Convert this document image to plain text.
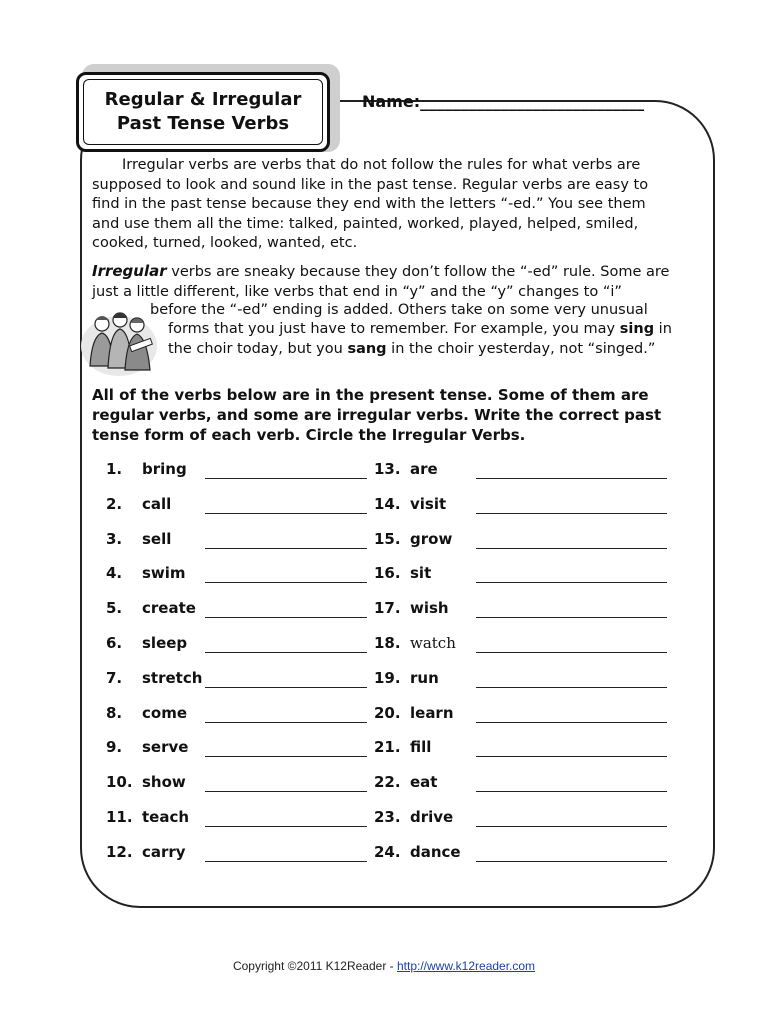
Regular & Irregular
Past Tense Verbs
Name:____________________________
Irregular verbs are verbs that do not follow the rules for what verbs are supposed to look and sound like in the past tense. Regular verbs are easy to find in the past tense because they end with the letters “-ed.” You see them and use them all the time: talked, painted, worked, played, helped, smiled, cooked, turned, looked, wanted, etc.
Irregular verbs are sneaky because they don’t follow the “-ed” rule. Some are just a little different, like verbs that end in “y” and the “y” changes to “i”
before the “-ed” ending is added. Others take on some very unusual
forms that you just have to remember. For example, you may sing in the choir today, but you sang in the choir yesterday, not “singed.”
All of the verbs below are in the present tense. Some of them are regular verbs, and some are irregular verbs. Write the correct past tense form of each verb. Circle the Irregular Verbs.
1.	bring
2.	call
3.	sell
4.	swim
5.	create
6.	sleep
7.	stretch
8.	come
9.	serve
10. show
11. teach
12. carry
13. are
14. visit
15. grow
16. sit
17. wish
18. watch
19. run
20. learn
21. fill
22. eat
23. drive
24. dance
Copyright ©2011 K12Reader - http://www.k12reader.com
